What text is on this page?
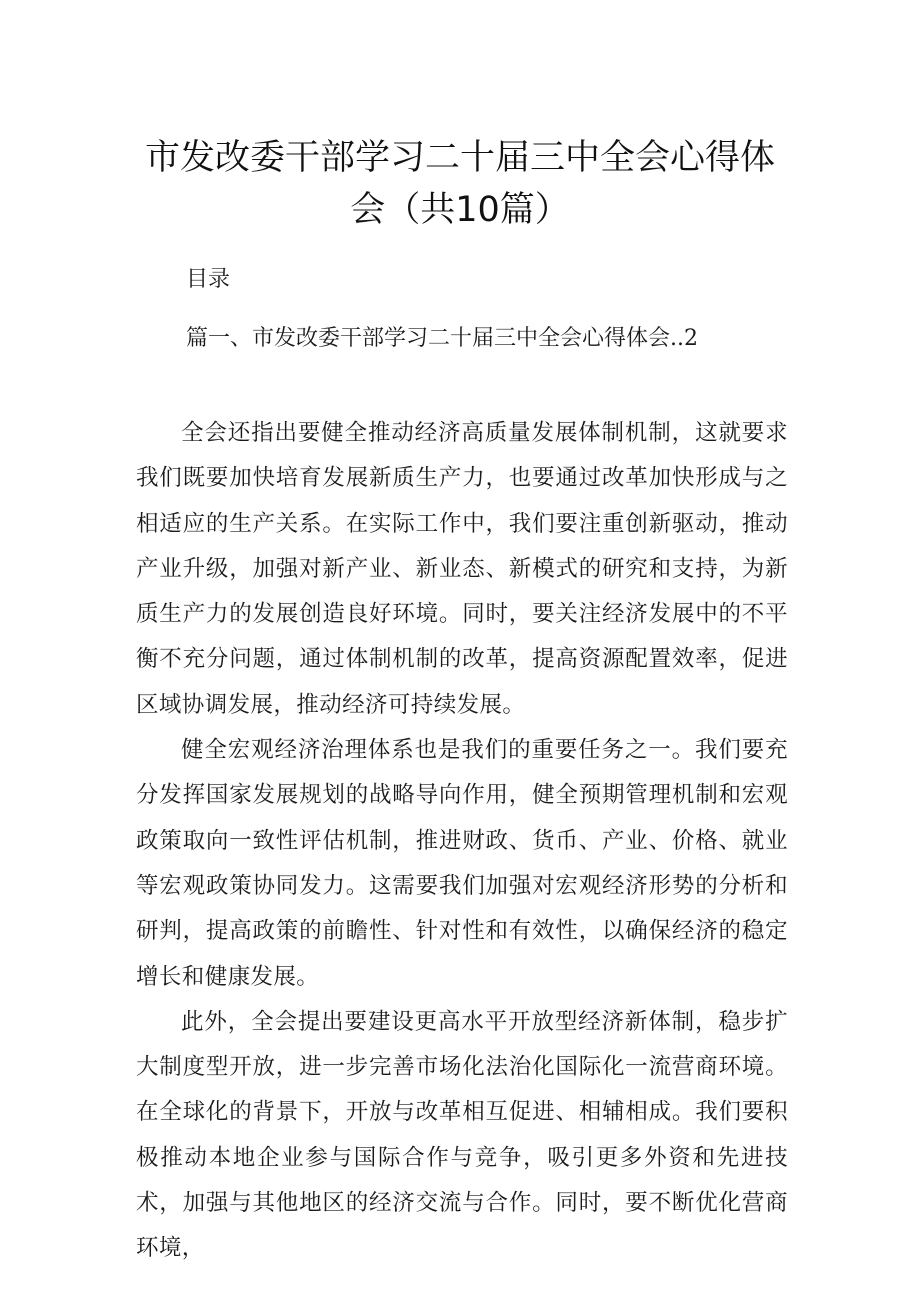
市发改委干部学习二十届三中全会心得体
会（共10篇）
目录
篇一、市发改委干部学习二十届三中全会心得体会..2

全会还指出要健全推动经济高质量发展体制机制，这就要求我们既要加快培育发展新质生产力，也要通过改革加快形成与之相适应的生产关系。在实际工作中，我们要注重创新驱动，推动产业升级，加强对新产业、新业态、新模式的研究和支持，为新质生产力的发展创造良好环境。同时，要关注经济发展中的不平衡不充分问题，通过体制机制的改革，提高资源配置效率，促进区域协调发展，推动经济可持续发展。

健全宏观经济治理体系也是我们的重要任务之一。我们要充分发挥国家发展规划的战略导向作用，健全预期管理机制和宏观政策取向一致性评估机制，推进财政、货币、产业、价格、就业等宏观政策协同发力。这需要我们加强对宏观经济形势的分析和研判，提高政策的前瞻性、针对性和有效性，以确保经济的稳定增长和健康发展。

此外，全会提出要建设更高水平开放型经济新体制，稳步扩大制度型开放，进一步完善市场化法治化国际化一流营商环境。在全球化的背景下，开放与改革相互促进、相辅相成。我们要积极推动本地企业参与国际合作与竞争，吸引更多外资和先进技术，加强与其他地区的经济交流与合作。同时，要不断优化营商环境，
